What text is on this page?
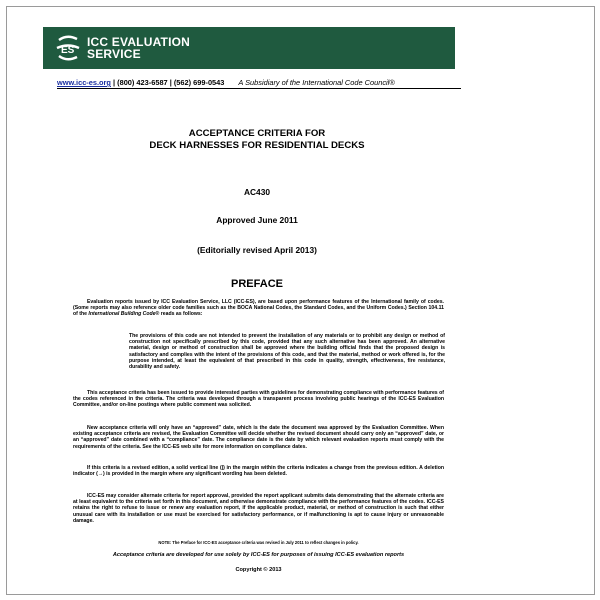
ES
ICC EVALUATION
SERVICE
www.icc-es.org | (800) 423-6587 | (562) 699-0543 A Subsidiary of the International Code Council®
ACCEPTANCE CRITERIA FOR
DECK HARNESSES FOR RESIDENTIAL DECKS
AC430
Approved June 2011
(Editorially revised April 2013)
PREFACE
Evaluation reports issued by ICC Evaluation Service, LLC (ICC-ES), are based upon performance features of the International family of codes. (Some reports may also reference older code families such as the BOCA National Codes, the Standard Codes, and the Uniform Codes.) Section 104.11 of the International Building Code® reads as follows:
The provisions of this code are not intended to prevent the installation of any materials or to prohibit any design or method of construction not specifically prescribed by this code, provided that any such alternative has been approved. An alternative material, design or method of construction shall be approved where the building official finds that the proposed design is satisfactory and complies with the intent of the provisions of this code, and that the material, method or work offered is, for the purpose intended, at least the equivalent of that prescribed in this code in quality, strength, effectiveness, fire resistance, durability and safety.
This acceptance criteria has been issued to provide interested parties with guidelines for demonstrating compliance with performance features of the codes referenced in the criteria. The criteria was developed through a transparent process involving public hearings of the ICC-ES Evaluation Committee, and/or on-line postings where public comment was solicited.
New acceptance criteria will only have an “approved” date, which is the date the document was approved by the Evaluation Committee. When existing acceptance criteria are revised, the Evaluation Committee will decide whether the revised document should carry only an “approved” date, or an “approved” date combined with a “compliance” date. The compliance date is the date by which relevant evaluation reports must comply with the requirements of the criteria. See the ICC-ES web site for more information on compliance dates.
If this criteria is a revised edition, a solid vertical line (|) in the margin within the criteria indicates a change from the previous edition. A deletion indicator (→) is provided in the margin where any significant wording has been deleted.
ICC-ES may consider alternate criteria for report approval, provided the report applicant submits data demonstrating that the alternate criteria are at least equivalent to the criteria set forth in this document, and otherwise demonstrate compliance with the performance features of the codes. ICC-ES retains the right to refuse to issue or renew any evaluation report, if the applicable product, material, or method of construction is such that either unusual care with its installation or use must be exercised for satisfactory performance, or if malfunctioning is apt to cause injury or unreasonable damage.
NOTE: The Preface for ICC-ES acceptance criteria was revised in July 2011 to reflect changes in policy.
Acceptance criteria are developed for use solely by ICC-ES for purposes of issuing ICC-ES evaluation reports
Copyright © 2013
